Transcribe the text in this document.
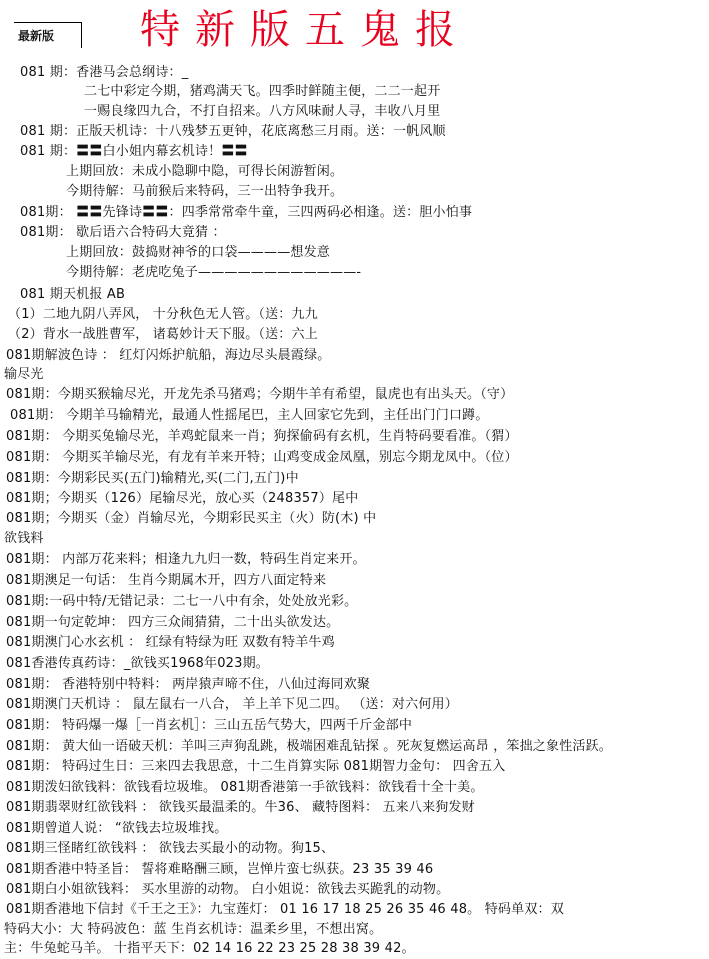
最新版	特新版五鬼报
081 期：香港马会总纲诗：_
二七中彩定今期，猪鸡满天飞。四季时鲜随主便，二二一起开
一赐良缘四九合，不打自招来。八方风味耐人寻，丰收八月里
081 期：正版天机诗：十八残梦五更钟，花底离愁三月雨。送：一帆风顺
081 期：〓〓白小姐内幕玄机诗！〓〓
上期回放：未成小隐聊中隐，可得长闲游暂闲。
今期待解：马前猴后来特码，三一出特争我开。
081期： 〓〓先锋诗〓〓：四季常常牵牛童，三四两码必相逢。送：胆小怕事
081期： 歇后语六合特码大竟猜 ：
上期回放：鼓捣财神爷的口袋————想发意
今期待解：老虎吃兔子————————————-
081 期天机报 AB
（1）二地九阴八弄风， 十分秋色无人管。（送：九九
（2）背水一战胜曹军， 诸葛妙计天下服。（送：六上
081期解波色诗 ： 红灯闪烁护航船，海边尽头晨霞绿。
输尽光
081期：今期买猴输尽光，开龙先杀马猪鸡；今期牛羊有希望，鼠虎也有出头天。（守）
081期： 今期羊马输精光，最通人性摇尾巴，主人回家它先到，主任出门门口蹲。
081期： 今期买兔输尽光，羊鸡蛇鼠来一肖；狗探偷码有玄机，生肖特码要看准。（猬）
081期： 今期买羊输尽光，有龙有羊来开特；山鸡变成金凤凰，别忘今期龙凤中。（位）
081期：今期彩民买(五门)输精光,买(二门,五门)中
081期；今期买（126）尾输尽光，放心买（248357）尾中
081期；今期买（金）肖输尽光，今期彩民买主（火）防(木) 中
欲钱料
081期： 内部万花来料；相逢九九归一数，特码生肖定来开。
081期澳足一句话： 生肖今期属木开，四方八面定特来
081期:一码中特/无错记录：二七一八中有余，处处放光彩。
081期一句定乾坤： 四方三众闹猜猜，二十出头欲发达。
081期澳门心水玄机 ： 红绿有特绿为旺 双数有特羊牛鸡
081香港传真药诗：_欲钱买1968年023期。
081期： 香港特别中特料： 两岸猿声啼不住，八仙过海同欢聚
081期澳门天机诗 ： 鼠左鼠右一八合， 羊上羊下见二四。 （送：对六何用）
081期： 特码爆一爆［一肖玄机］：三山五岳气势大，四两千斤金部中
081期： 黄大仙一语破天机：羊叫三声狗乱跳，极端困难乱钻探 。死灰复燃运高昂 ，笨拙之象性活跃。
081期： 特码过生日：三来四去我思意，十二生肖算实际 081期智力金句： 四舍五入
081期泼妇欲钱料：欲钱看垃圾堆。 081期香港第一手欲钱料：欲钱看十全十美。
081期翡翠财红欲钱料 ： 欲钱买最温柔的。牛36、 藏特图料： 五来八来狗发财
081期曾道人说： “欲钱去垃圾堆找。
081期三怪睹红欲钱料 ： 欲钱去买最小的动物。狗15、
081期香港中特圣旨： 誓将难略酬三顾，岂惮片蛮七纵获。23 35 39 46
081期白小姐欲钱料： 买水里游的动物。 白小姐说：欲钱去买跪乳的动物。
081期香港地下信封《千王之王》：九宝莲灯： 01 16 17 18 25 26 35 46 48。 特码单双：双
特码大小：大 特码波色：蓝 生肖玄机诗：温柔乡里，不想出窝。
主：牛兔蛇马羊。 十指平天下：02 14 16 22 23 25 28 38 39 42。
